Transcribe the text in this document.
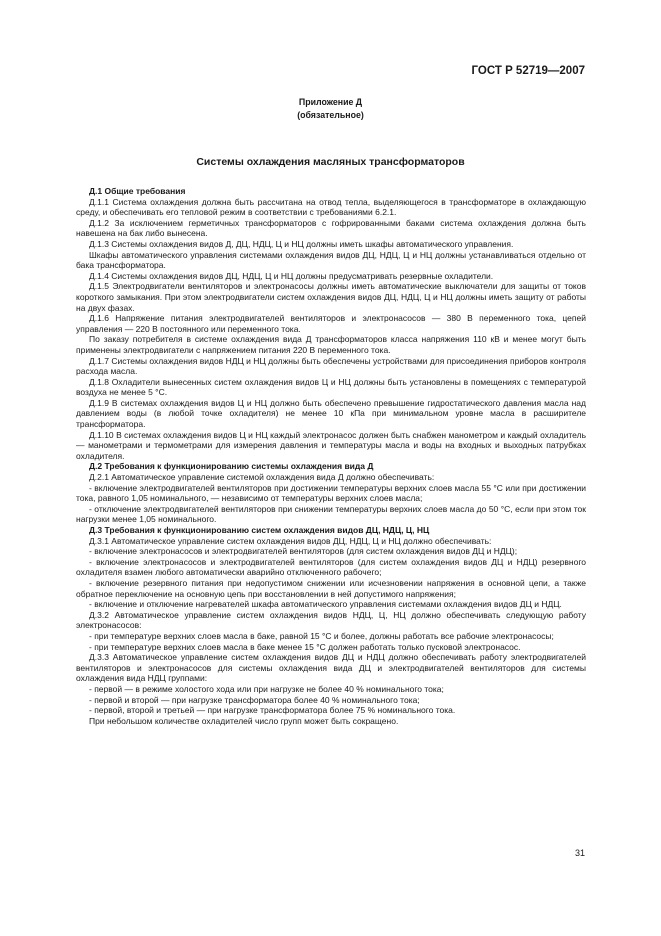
ГОСТ Р 52719—2007
Приложение Д
(обязательное)
Системы охлаждения масляных трансформаторов

Д.1 Общие требования

Д.1.1 Система охлаждения должна быть рассчитана на отвод тепла, выделяющегося в трансформаторе в охлаждающую среду, и обеспечивать его тепловой режим в соответствии с требованиями 6.2.1.

Д.1.2 За исключением герметичных трансформаторов с гофрированными баками система охлаждения должна быть навешена на бак либо вынесена.

Д.1.3 Системы охлаждения видов Д, ДЦ, НДЦ, Ц и НЦ должны иметь шкафы автоматического управления.

Шкафы автоматического управления системами охлаждения видов ДЦ, НДЦ, Ц и НЦ должны устанавливаться отдельно от бака трансформатора.

Д.1.4 Системы охлаждения видов ДЦ, НДЦ, Ц и НЦ должны предусматривать резервные охладители.

Д.1.5 Электродвигатели вентиляторов и электронасосы должны иметь автоматические выключатели для защиты от токов короткого замыкания. При этом электродвигатели систем охлаждения видов ДЦ, НДЦ, Ц и НЦ должны иметь защиту от работы на двух фазах.

Д.1.6 Напряжение питания электродвигателей вентиляторов и электронасосов — 380 В переменного тока, цепей управления — 220 В постоянного или переменного тока.

По заказу потребителя в системе охлаждения вида Д трансформаторов класса напряжения 110 кВ и менее могут быть применены электродвигатели с напряжением питания 220 В переменного тока.

Д.1.7 Системы охлаждения видов НДЦ и НЦ должны быть обеспечены устройствами для присоединения приборов контроля расхода масла.

Д.1.8 Охладители вынесенных систем охлаждения видов Ц и НЦ должны быть установлены в помещениях с температурой воздуха не менее 5 °С.

Д.1.9 В системах охлаждения видов Ц и НЦ должно быть обеспечено превышение гидростатического давления масла над давлением воды (в любой точке охладителя) не менее 10 кПа при минимальном уровне масла в расширителе трансформатора.

Д.1.10 В системах охлаждения видов Ц и НЦ каждый электронасос должен быть снабжен манометром и каждый охладитель — манометрами и термометрами для измерения давления и температуры масла и воды на входных и выходных патрубках охладителя.

Д.2 Требования к функционированию системы охлаждения вида Д

Д.2.1 Автоматическое управление системой охлаждения вида Д должно обеспечивать:

- включение электродвигателей вентиляторов при достижении температуры верхних слоев масла 55 °С или при достижении тока, равного 1,05 номинального, — независимо от температуры верхних слоев масла;

- отключение электродвигателей вентиляторов при снижении температуры верхних слоев масла до 50 °С, если при этом ток нагрузки менее 1,05 номинального.

Д.3 Требования к функционированию систем охлаждения видов ДЦ, НДЦ, Ц, НЦ

Д.3.1 Автоматическое управление систем охлаждения видов ДЦ, НДЦ, Ц и НЦ должно обеспечивать:

- включение электронасосов и электродвигателей вентиляторов (для систем охлаждения видов ДЦ и НДЦ);

- включение электронасосов и электродвигателей вентиляторов (для систем охлаждения видов ДЦ и НДЦ) резервного охладителя взамен любого автоматически аварийно отключенного рабочего;

- включение резервного питания при недопустимом снижении или исчезновении напряжения в основной цепи, а также обратное переключение на основную цепь при восстановлении в ней допустимого напряжения;

- включение и отключение нагревателей шкафа автоматического управления системами охлаждения видов ДЦ и НДЦ.

Д.3.2 Автоматическое управление систем охлаждения видов НДЦ, Ц, НЦ должно обеспечивать следующую работу электронасосов:

- при температуре верхних слоев масла в баке, равной 15 °С и более, должны работать все рабочие электронасосы;

- при температуре верхних слоев масла в баке менее 15 °С должен работать только пусковой электронасос.

Д.3.3 Автоматическое управление систем охлаждения видов ДЦ и НДЦ должно обеспечивать работу электродвигателей вентиляторов и электронасосов для системы охлаждения вида ДЦ и электродвигателей вентиляторов для системы охлаждения вида НДЦ группами:

- первой — в режиме холостого хода или при нагрузке не более 40 % номинального тока;

- первой и второй — при нагрузке трансформатора более 40 % номинального тока;

- первой, второй и третьей — при нагрузке трансформатора более 75 % номинального тока.

При небольшом количестве охладителей число групп может быть сокращено.

31
